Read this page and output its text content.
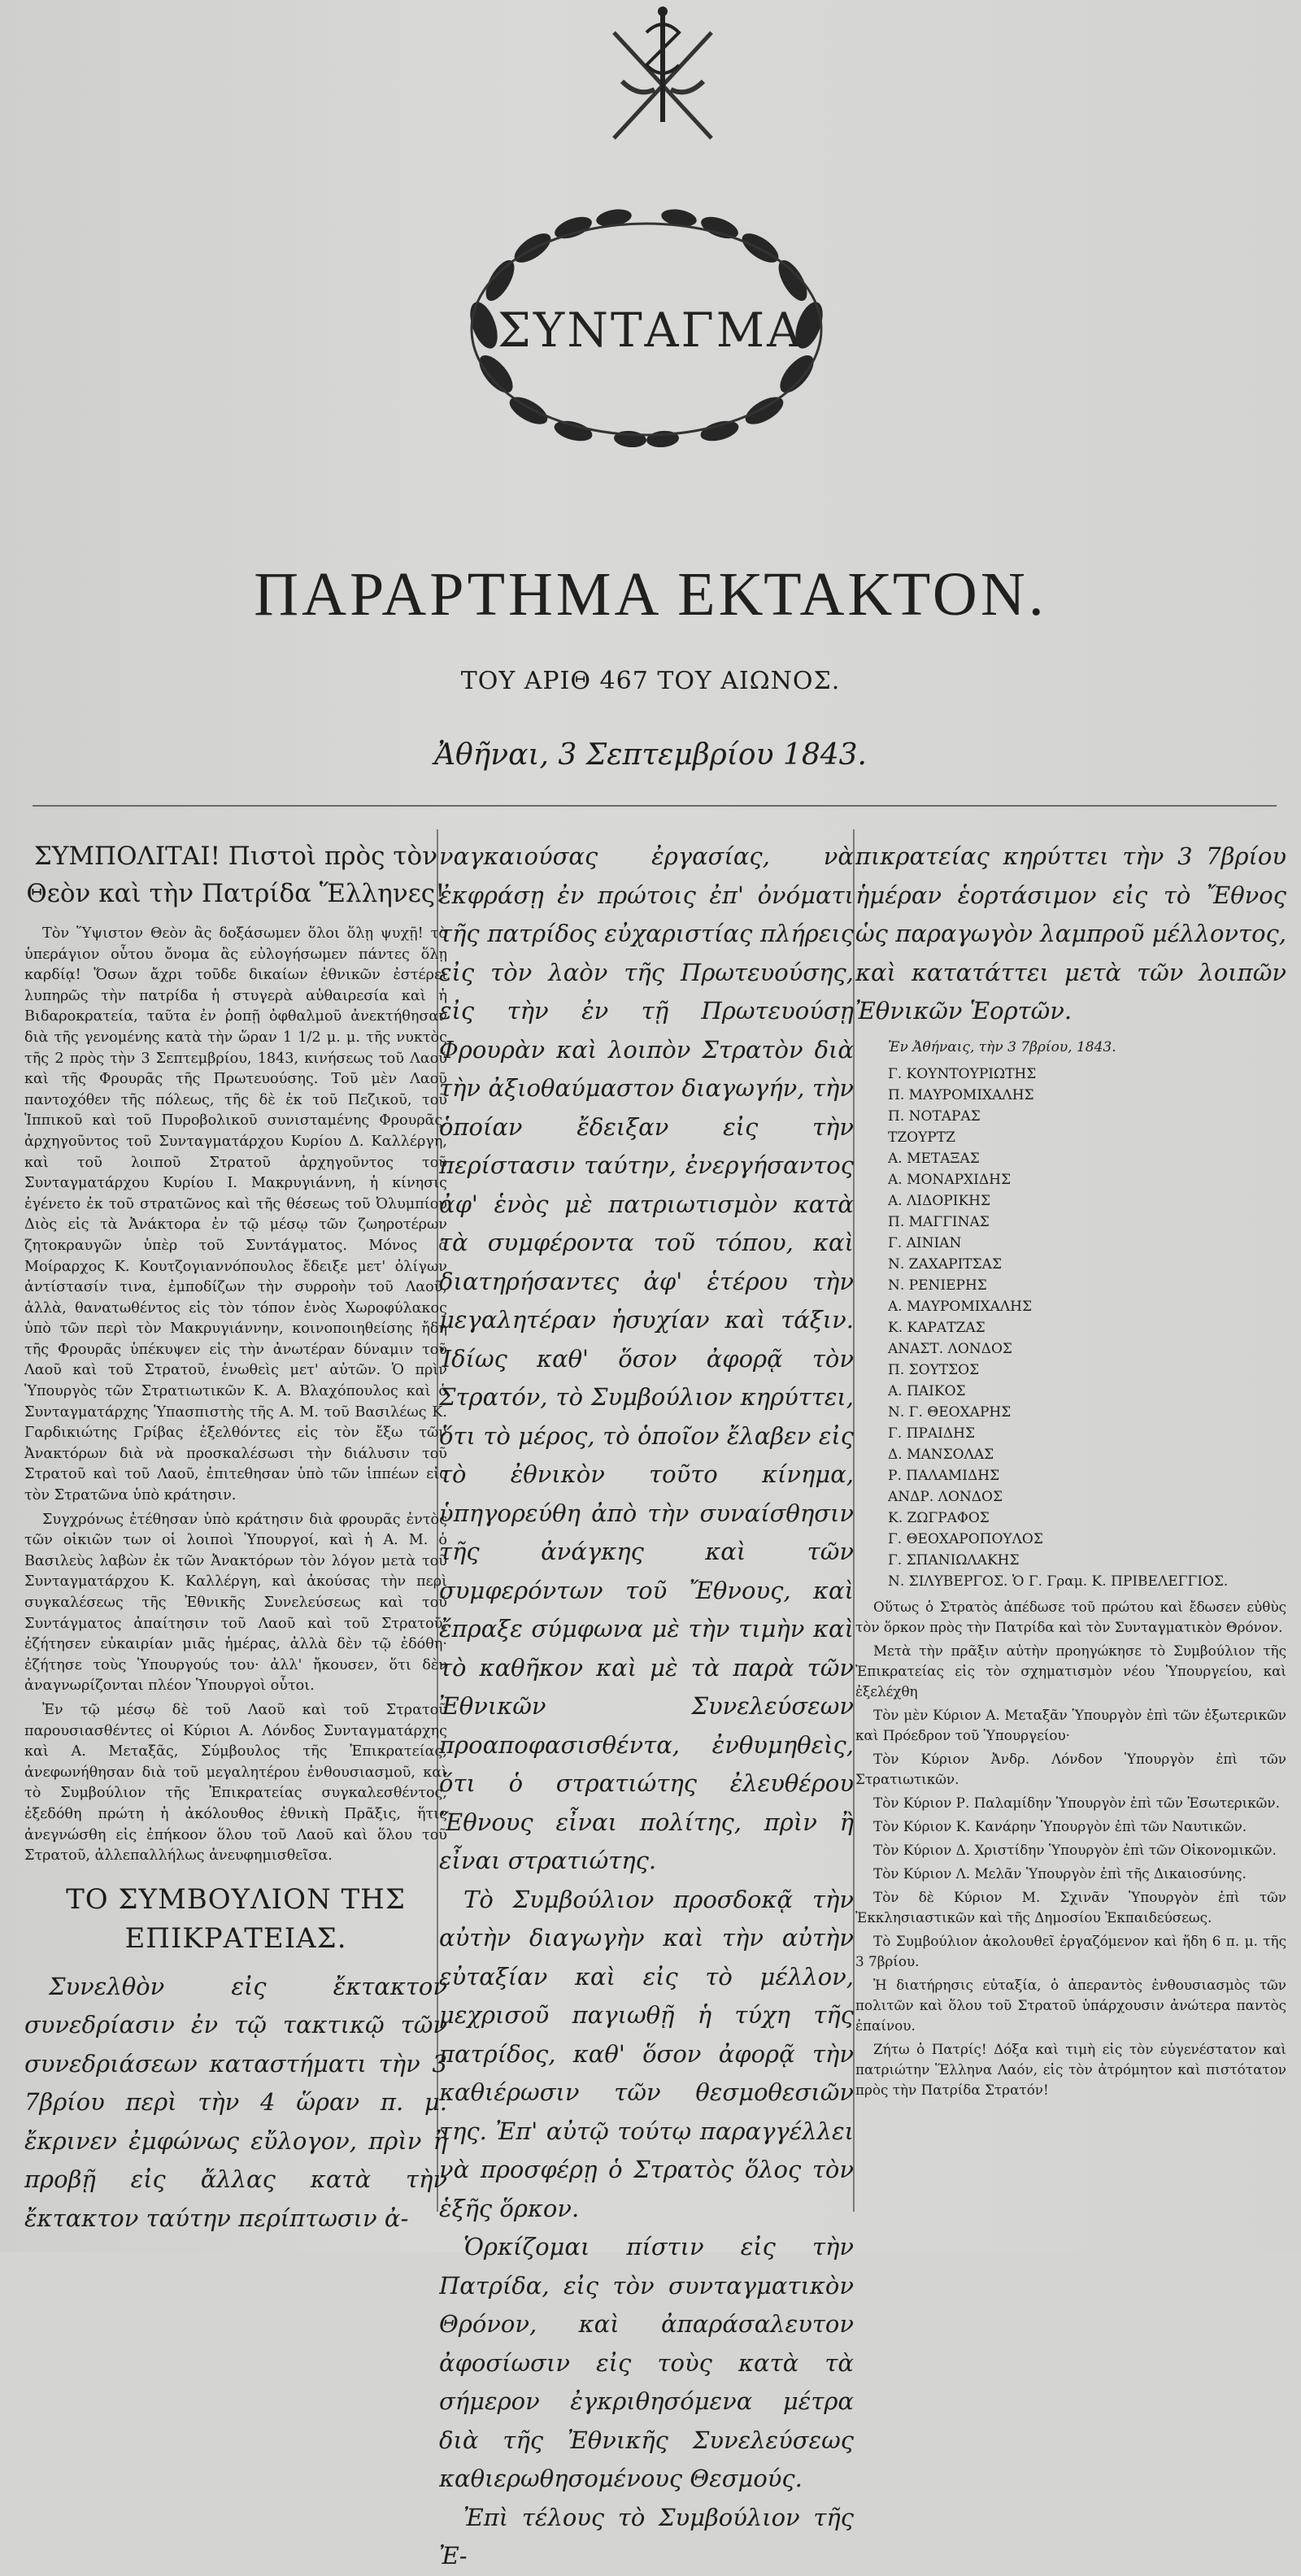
ΣΥΝΤΑΓΜΑ
ΠΑΡΑΡΤΗΜΑ ΕΚΤΑΚΤΟΝ.
ΤΟΥ ΑΡΙΘ 467 ΤΟΥ ΑΙΩΝΟΣ.
Ἀθῆναι, 3 Σεπτεμβρίου 1843.
ΣΥΜΠΟΛΙΤΑΙ! Πιστοὶ πρὸς τὸν Θεὸν καὶ τὴν Πατρίδα Ἕλληνες!

Τὸν Ὕψιστον Θεὸν ἂς δοξάσωμεν ὅλοι ὅλῃ ψυχῇ! τὸ ὑπεράγιον οὗτου ὄνομα ἂς εὐλογήσωμεν πάντες ὅλῃ καρδίᾳ! Ὅσων ἄχρι τοῦδε δικαίων ἐθνικῶν ἐστέρει λυπηρῶς τὴν πατρίδα ἡ στυγερὰ αὐθαιρεσία καὶ ἡ Βιδαροκρατεία, ταῦτα ἐν ῥοπῇ ὀφθαλμοῦ ἀνεκτήθησαν διὰ τῆς γενομένης κατὰ τὴν ὥραν 1 1/2 μ. μ. τῆς νυκτὸς τῆς 2 πρὸς τὴν 3 Σεπτεμβρίου, 1843, κινήσεως τοῦ Λαοῦ καὶ τῆς Φρουρᾶς τῆς Πρωτευούσης. Τοῦ μὲν Λαοῦ παντοχόθεν τῆς πόλεως, τῆς δὲ ἐκ τοῦ Πεζικοῦ, τοῦ Ἱππικοῦ καὶ τοῦ Πυροβολικοῦ συνισταμένης Φρουρᾶς, ἀρχηγοῦντος τοῦ Συνταγματάρχου Κυρίου Δ. Καλλέργη, καὶ τοῦ λοιποῦ Στρατοῦ ἀρχηγοῦντος τοῦ Συνταγματάρχου Κυρίου Ι. Μακρυγιάννη, ἡ κίνησις ἐγένετο ἐκ τοῦ στρατῶνος καὶ τῆς θέσεως τοῦ Ὀλυμπίου Διὸς εἰς τὰ Ἀνάκτορα ἐν τῷ μέσῳ τῶν ζωηροτέρων ζητοκραυγῶν ὑπὲρ τοῦ Συντάγματος. Μόνος ὁ Μοίραρχος Κ. Κουτζογιαννόπουλος ἔδειξε μετ' ὀλίγων ἀντίστασίν τινα, ἐμποδίζων τὴν συρροὴν τοῦ Λαοῦ, ἀλλὰ, θανατωθέντος εἰς τὸν τόπον ἑνὸς Χωροφύλακος ὑπὸ τῶν περὶ τὸν Μακρυγιάννην, κοινοποιηθείσης ἤδη τῆς Φρουρᾶς ὑπέκυψεν εἰς τὴν ἀνωτέραν δύναμιν τοῦ Λαοῦ καὶ τοῦ Στρατοῦ, ἑνωθεὶς μετ' αὐτῶν. Ὁ πρὶν Ὑπουργὸς τῶν Στρατιωτικῶν Κ. Α. Βλαχόπουλος καὶ ὁ Συνταγματάρχης Ὑπασπιστὴς τῆς Α. Μ. τοῦ Βασιλέως Κ. Γαρδικιώτης Γρίβας ἐξελθόντες εἰς τὸν ἔξω τῶν Ἀνακτόρων διὰ νὰ προσκαλέσωσι τὴν διάλυσιν τοῦ Στρατοῦ καὶ τοῦ Λαοῦ, ἐπιτεθησαν ὑπὸ τῶν ἱππέων εἰς τὸν Στρατῶνα ὑπὸ κράτησιν.

Συγχρόνως ἐτέθησαν ὑπὸ κράτησιν διὰ φρουρᾶς ἐντὸς τῶν οἰκιῶν των οἱ λοιποὶ Ὑπουργοί, καὶ ἡ Α. Μ. ὁ Βασιλεὺς λαβὼν ἐκ τῶν Ἀνακτόρων τὸν λόγον μετὰ τοῦ Συνταγματάρχου Κ. Καλλέργη, καὶ ἀκούσας τὴν περὶ συγκαλέσεως τῆς Ἐθνικῆς Συνελεύσεως καὶ τοῦ Συντάγματος ἀπαίτησιν τοῦ Λαοῦ καὶ τοῦ Στρατοῦ, ἐζήτησεν εὐκαιρίαν μιᾶς ἡμέρας, ἀλλὰ δὲν τῷ ἐδόθη· ἐζήτησε τοὺς Ὑπουργούς του· ἀλλ' ἤκουσεν, ὅτι δὲν ἀναγνωρίζονται πλέον Ὑπουργοὶ οὗτοι.

Ἐν τῷ μέσῳ δὲ τοῦ Λαοῦ καὶ τοῦ Στρατοῦ παρουσιασθέντες οἱ Κύριοι Α. Λόνδος Συνταγματάρχης καὶ Α. Μεταξᾶς, Σύμβουλος τῆς Ἐπικρατείας, ἀνεφωνήθησαν διὰ τοῦ μεγαλητέρου ἐνθουσιασμοῦ, καὶ τὸ Συμβούλιον τῆς Ἐπικρατείας συγκαλεσθέντος, ἐξεδόθη πρώτη ἡ ἀκόλουθος ἐθνικὴ Πρᾶξις, ἥτις ἀνεγνώσθη εἰς ἐπήκοον ὅλου τοῦ Λαοῦ καὶ ὅλου τοῦ Στρατοῦ, ἀλλεπαλλήλως ἀνευφημισθεῖσα.

ΤΟ ΣΥΜΒΟΥΛΙΟΝ ΤΗΣ ΕΠΙΚΡΑΤΕΙΑΣ.

Συνελθὸν εἰς ἔκτακτον συνεδρίασιν ἐν τῷ τακτικῷ τῶν συνεδριάσεων καταστήματι τὴν 3 7βρίου περὶ τὴν 4 ὥραν π. μ. ἔκρινεν ἐμφώνως εὔλογον, πρὶν ἢ προβῇ εἰς ἄλλας κατὰ τὴν ἔκτακτον ταύτην περίπτωσιν ἀ-

ναγκαιούσας ἐργασίας, νὰ ἐκφράσῃ ἐν πρώτοις ἐπ' ὀνόματι τῆς πατρίδος εὐχαριστίας πλήρεις εἰς τὸν λαὸν τῆς Πρωτευούσης, εἰς τὴν ἐν τῇ Πρωτευούσῃ Φρουρὰν καὶ λοιπὸν Στρατὸν διὰ τὴν ἀξιοθαύμαστον διαγωγήν, τὴν ὁποίαν ἔδειξαν εἰς τὴν περίστασιν ταύτην, ἐνεργήσαντος ἀφ' ἑνὸς μὲ πατριωτισμὸν κατὰ τὰ συμφέροντα τοῦ τόπου, καὶ διατηρήσαντες ἀφ' ἑτέρου τὴν μεγαλητέραν ἡσυχίαν καὶ τάξιν. Ἰδίως καθ' ὅσον ἀφορᾷ τὸν Στρατόν, τὸ Συμβούλιον κηρύττει, ὅτι τὸ μέρος, τὸ ὁποῖον ἔλαβεν εἰς τὸ ἐθνικὸν τοῦτο κίνημα, ὑπηγορεύθη ἀπὸ τὴν συναίσθησιν τῆς ἀνάγκης καὶ τῶν συμφερόντων τοῦ Ἔθνους, καὶ ἔπραξε σύμφωνα μὲ τὴν τιμὴν καὶ τὸ καθῆκον καὶ μὲ τὰ παρὰ τῶν Ἐθνικῶν Συνελεύσεων προαποφασισθέντα, ἐνθυμηθεὶς, ὅτι ὁ στρατιώτης ἐλευθέρου Ἔθνους εἶναι πολίτης, πρὶν ἢ εἶναι στρατιώτης.

Τὸ Συμβούλιον προσδοκᾷ τὴν αὐτὴν διαγωγὴν καὶ τὴν αὐτὴν εὐταξίαν καὶ εἰς τὸ μέλλον, μεχρισοῦ παγιωθῇ ἡ τύχη τῆς πατρίδος, καθ' ὅσον ἀφορᾷ τὴν καθιέρωσιν τῶν θεσμοθεσιῶν της. Ἐπ' αὐτῷ τούτῳ παραγγέλλει νὰ προσφέρῃ ὁ Στρατὸς ὅλος τὸν ἑξῆς ὅρκον.

Ὁρκίζομαι πίστιν εἰς τὴν Πατρίδα, εἰς τὸν συνταγματικὸν Θρόνον, καὶ ἀπαράσαλευτον ἀφοσίωσιν εἰς τοὺς κατὰ τὰ σήμερον ἐγκριθησόμενα μέτρα διὰ τῆς Ἐθνικῆς Συνελεύσεως καθιερωθησομένους Θεσμούς.

Ἐπὶ τέλους τὸ Συμβούλιον τῆς Ἐ-

πικρατείας κηρύττει τὴν 3 7βρίου ἡμέραν ἑορτάσιμον εἰς τὸ Ἔθνος ὡς παραγωγὸν λαμπροῦ μέλλοντος, καὶ κατατάττει μετὰ τῶν λοιπῶν Ἐθνικῶν Ἑορτῶν.

Ἐν Ἀθήναις, τὴν 3 7βρίου, 1843.
Γ. ΚΟΥΝΤΟΥΡΙΩΤΗΣ
Π. ΜΑΥΡΟΜΙΧΑΛΗΣ
Π. ΝΟΤΑΡΑΣ
ΤΖΟΥΡΤΖ
Α. ΜΕΤΑΞΑΣ
Α. ΜΟΝΑΡΧΙΔΗΣ
Α. ΛΙΔΟΡΙΚΗΣ
Π. ΜΑΓΓΙΝΑΣ
Γ. ΑΙΝΙΑΝ
Ν. ΖΑΧΑΡΙΤΣΑΣ
Ν. ΡΕΝΙΕΡΗΣ
Α. ΜΑΥΡΟΜΙΧΑΛΗΣ
Κ. ΚΑΡΑΤΖΑΣ
ΑΝΑΣΤ. ΛΟΝΔΟΣ
Π. ΣΟΥΤΣΟΣ
Α. ΠΑΙΚΟΣ
Ν. Γ. ΘΕΟΧΑΡΗΣ
Γ. ΠΡΑΙΔΗΣ
Δ. ΜΑΝΣΟΛΑΣ
Ρ. ΠΑΛΑΜΙΔΗΣ
ΑΝΔΡ. ΛΟΝΔΟΣ
Κ. ΖΩΓΡΑΦΟΣ
Γ. ΘΕΟΧΑΡΟΠΟΥΛΟΣ
Γ. ΣΠΑΝΙΩΛΑΚΗΣ
Ν. ΣΙΛΥΒΕΡΓΟΣ. Ὁ Γ. Γραμ. Κ. ΠΡΙΒΕΛΕΓΓΙΟΣ.

Οὕτως ὁ Στρατὸς ἀπέδωσε τοῦ πρώτου καὶ ἔδωσεν εὐθὺς τὸν ὅρκον πρὸς τὴν Πατρίδα καὶ τὸν Συνταγματικὸν Θρόνον.

Μετὰ τὴν πρᾶξιν αὐτὴν προηγώκησε τὸ Συμβούλιον τῆς Ἐπικρατείας εἰς τὸν σχηματισμὸν νέου Ὑπουργείου, καὶ ἐξελέχθη

Τὸν μὲν Κύριον Α. Μεταξᾶν Ὑπουργὸν ἐπὶ τῶν ἐξωτερικῶν καὶ Πρόεδρον τοῦ Ὑπουργείου·

Τὸν Κύριον Ἀνδρ. Λόνδον Ὑπουργὸν ἐπὶ τῶν Στρατιωτικῶν.

Τὸν Κύριον Ρ. Παλαμίδην Ὑπουργὸν ἐπὶ τῶν Ἐσωτερικῶν.

Τὸν Κύριον Κ. Κανάρην Ὑπουργὸν ἐπὶ τῶν Ναυτικῶν.

Τὸν Κύριον Δ. Χριστίδην Ὑπουργὸν ἐπὶ τῶν Οἰκονομικῶν.

Τὸν Κύριον Λ. Μελᾶν Ὑπουργὸν ἐπὶ τῆς Δικαιοσύνης.

Τὸν δὲ Κύριον Μ. Σχινᾶν Ὑπουργὸν ἐπὶ τῶν Ἐκκλησιαστικῶν καὶ τῆς Δημοσίου Ἐκπαιδεύσεως.

Τὸ Συμβούλιον ἀκολουθεῖ ἐργαζόμενον καὶ ἤδη 6 π. μ. τῆς 3 7βρίου.

Ἡ διατήρησις εὐταξία, ὁ ἀπεραντὸς ἐνθουσιασμὸς τῶν πολιτῶν καὶ ὅλου τοῦ Στρατοῦ ὑπάρχουσιν ἀνώτερα παντὸς ἐπαίνου.

Ζήτω ὁ Πατρίς! Δόξα καὶ τιμὴ εἰς τὸν εὐγενέστατον καὶ πατριώτην Ἕλληνα Λαόν, εἰς τὸν ἀτρόμητον καὶ πιστότατον πρὸς τὴν Πατρίδα Στρατόν!
